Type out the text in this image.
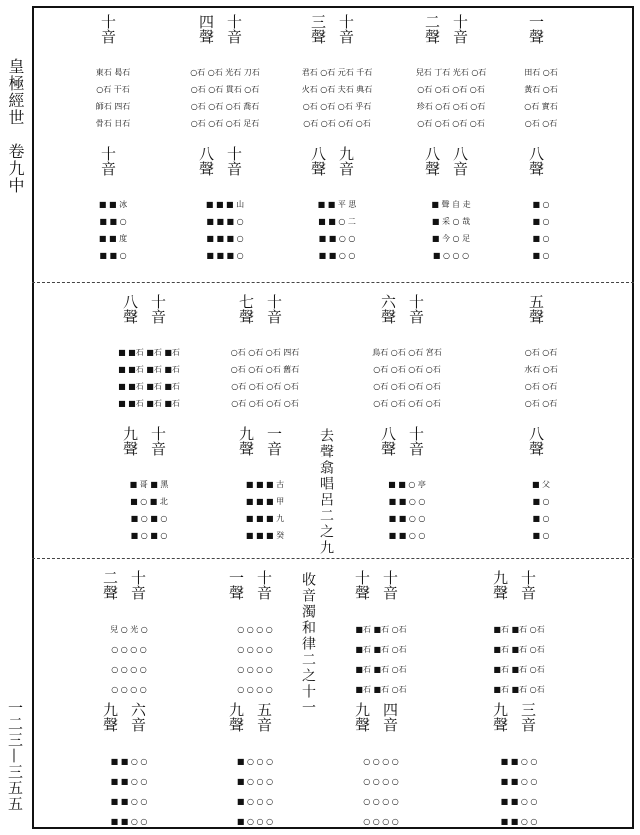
皇極經世　卷九中
一二三—三五五
十音
東石 曷石
○石 干石
師石 四石
骨石 日石
十音
四聲
○石 ○石 光石 刀石
○石 ○石 貫石 ○石
○石 ○石 ○石 喬石
○石 ○石 ○石 足石
十音
三聲
君石 ○石 元石 千石
火石 ○石 夫石 典石
○石 ○石 ○石 乎石
○石 ○石 ○石 ○石
十音
二聲
兒石 丁石 光石 ○石
○石 ○石 ○石 ○石
珍石 ○石 ○石 ○石
○石 ○石 ○石 ○石
一聲
田石 ○石
黃石 ○石
○石 實石
○石 ○石
十音
■ ■ 冰
■ ■ ○
■ ■ 度
■ ■ ○
十音
八聲
■ ■ ■ 山
■ ■ ■ ○
■ ■ ■ ○
■ ■ ■ ○
九音
八聲
■ ■ 平 思
■ ■ ○ 二
■ ■ ○ ○
■ ■ ○ ○
八音
八聲
■ 聲 自 走
■ 采 ○ 哉
■ 今 ○ 足
■ ○ ○ ○
八聲
■ ○
■ ○
■ ○
■ ○
十音
八聲
■ ■石 ■石 ■石
■ ■石 ■石 ■石
■ ■石 ■石 ■石
■ ■石 ■石 ■石
十音
七聲
○石 ○石 ○石 四石
○石 ○石 ○石 舊石
○石 ○石 ○石 ○石
○石 ○石 ○石 ○石
十音
六聲
鳥石 ○石 ○石 宮石
○石 ○石 ○石 ○石
○石 ○石 ○石 ○石
○石 ○石 ○石 ○石
五聲
○石 ○石
水石 ○石
○石 ○石
○石 ○石
十音
九聲
■ 哥 ■ 黑
■ ○ ■ 北
■ ○ ■ ○
■ ○ ■ ○
一音
九聲
■ ■ ■ 古
■ ■ ■ 甲
■ ■ ■ 九
■ ■ ■ 癸
十音
八聲
■ ■ ○ 亭
■ ■ ○ ○
■ ■ ○ ○
■ ■ ○ ○
八聲
■ 父
■ ○
■ ○
■ ○
十音
二聲
兒 ○ 光 ○
○ ○ ○ ○
○ ○ ○ ○
○ ○ ○ ○
十音
一聲
○ ○ ○ ○
○ ○ ○ ○
○ ○ ○ ○
○ ○ ○ ○
十音
十聲
■石 ■石 ○石
■石 ■石 ○石
■石 ■石 ○石
■石 ■石 ○石
十音
九聲
■石 ■石 ○石
■石 ■石 ○石
■石 ■石 ○石
■石 ■石 ○石
六音
九聲
■ ■ ○ ○
■ ■ ○ ○
■ ■ ○ ○
■ ■ ○ ○
五音
九聲
■ ○ ○ ○
■ ○ ○ ○
■ ○ ○ ○
■ ○ ○ ○
四音
九聲
○ ○ ○ ○
○ ○ ○ ○
○ ○ ○ ○
○ ○ ○ ○
三音
九聲
■ ■ ○ ○
■ ■ ○ ○
■ ■ ○ ○
■ ■ ○ ○
去聲翕唱呂二之九
收音濁和律二之十一
